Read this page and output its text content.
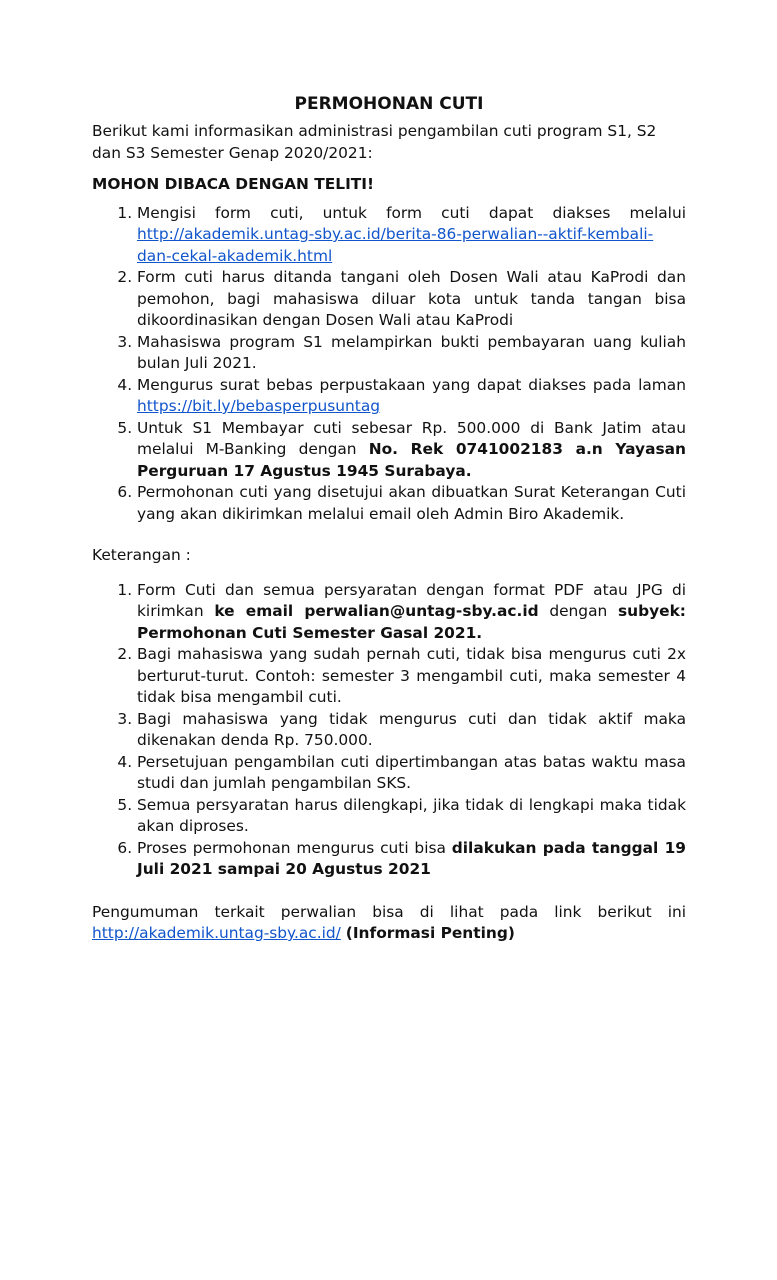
PERMOHONAN CUTI

Berikut kami informasikan administrasi pengambilan cuti program S1, S2 dan S3 Semester Genap 2020/2021:

MOHON DIBACA DENGAN TELITI!

1. Mengisi form cuti, untuk form cuti dapat diakses melalui http://akademik.untag-sby.ac.id/berita-86-perwalian--aktif-kembali-dan-cekal-akademik.html
2. Form cuti harus ditanda tangani oleh Dosen Wali atau KaProdi dan pemohon, bagi mahasiswa diluar kota untuk tanda tangan bisa dikoordinasikan dengan Dosen Wali atau KaProdi
3. Mahasiswa program S1 melampirkan bukti pembayaran uang kuliah bulan Juli 2021.
4. Mengurus surat bebas perpustakaan yang dapat diakses pada laman https://bit.ly/bebasperpusuntag
5. Untuk S1 Membayar cuti sebesar Rp. 500.000 di Bank Jatim atau melalui M-Banking dengan No. Rek 0741002183 a.n Yayasan Perguruan 17 Agustus 1945 Surabaya.
6. Permohonan cuti yang disetujui akan dibuatkan Surat Keterangan Cuti yang akan dikirimkan melalui email oleh Admin Biro Akademik.

Keterangan :

1. Form Cuti dan semua persyaratan dengan format PDF atau JPG di kirimkan ke email perwalian@untag-sby.ac.id dengan subyek: Permohonan Cuti Semester Gasal 2021.
2. Bagi mahasiswa yang sudah pernah cuti, tidak bisa mengurus cuti 2x berturut-turut. Contoh: semester 3 mengambil cuti, maka semester 4 tidak bisa mengambil cuti.
3. Bagi mahasiswa yang tidak mengurus cuti dan tidak aktif maka dikenakan denda Rp. 750.000.
4. Persetujuan pengambilan cuti dipertimbangan atas batas waktu masa studi dan jumlah pengambilan SKS.
5. Semua persyaratan harus dilengkapi, jika tidak di lengkapi maka tidak akan diproses.
6. Proses permohonan mengurus cuti bisa dilakukan pada tanggal 19 Juli 2021 sampai 20 Agustus 2021

Pengumuman terkait perwalian bisa di lihat pada link berikut ini http://akademik.untag-sby.ac.id/ (Informasi Penting)
